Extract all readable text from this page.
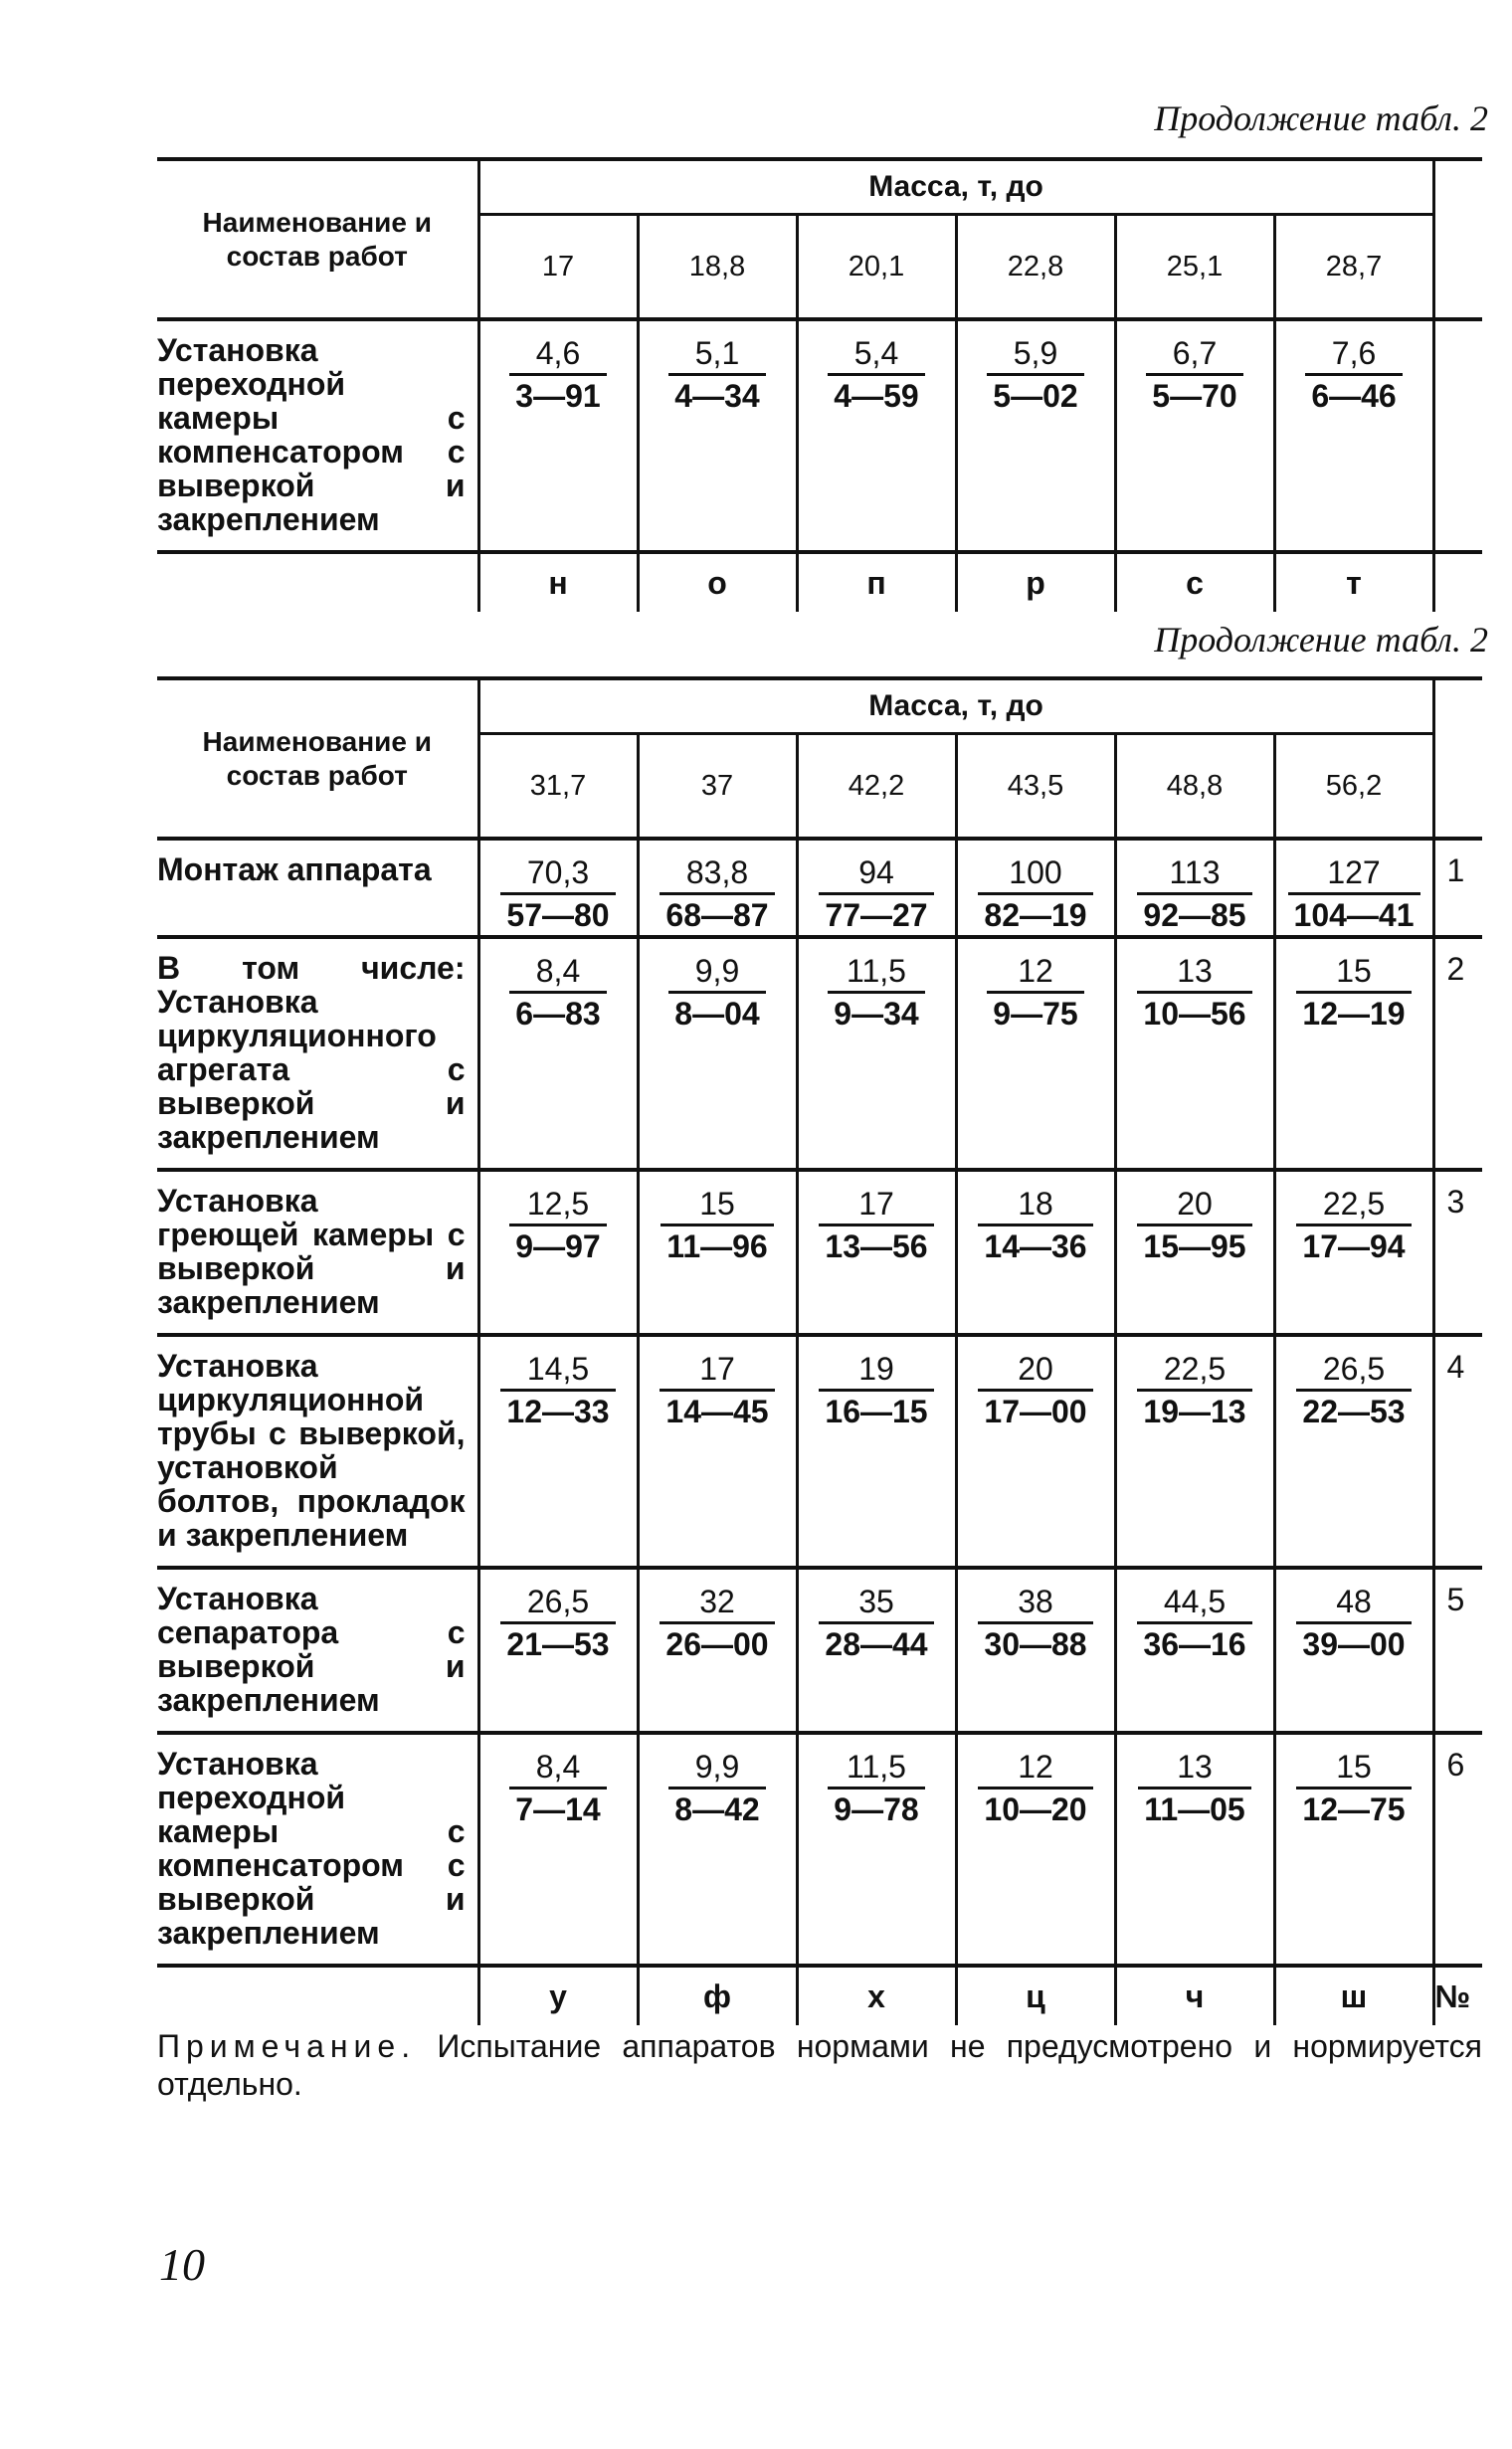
Продолжение табл. 2
Наименование и состав работ	Масса, т, до						
	17	18,8	20,1	22,8	25,1	28,7	
Установка переходной камеры с компенсатором с выверкой и закреплением	$\frac{4,6}{3—91}$	$\frac{5,1}{4—34}$	$\frac{5,4}{4—59}$	$\frac{5,9}{5—02}$	$\frac{6,7}{5—70}$	$\frac{7,6}{6—46}$

	н	о	п	р	с	т	
Продолжение табл. 2
Наименование и состав работ	Масса, т, до						
	31,7	37	42,2	43,5	48,8	56,2	
Монтаж аппарата	$\frac{70,3}{57—80}$	$\frac{83,8}{68—87}$	$\frac{94}{77—27}$	$\frac{100}{82—19}$	$\frac{113}{92—85}$	$\frac{127}{104—41}$	1
В том числе: Установка циркуляционного агрегата с выверкой и закреплением	$\frac{8,4}{6—83}$	$\frac{9,9}{8—04}$	$\frac{11,5}{9—34}$	$\frac{12}{9—75}$	$\frac{13}{10—56}$	$\frac{15}{12—19}$	2
Установка греющей камеры с выверкой и закреплением	$\frac{12,5}{9—97}$	$\frac{15}{11—96}$	$\frac{17}{13—56}$	$\frac{18}{14—36}$	$\frac{20}{15—95}$	$\frac{22,5}{17—94}$	3
Установка циркуляционной трубы с выверкой, установкой болтов, прокладок и закреплением	$\frac{14,5}{12—33}$	$\frac{17}{14—45}$	$\frac{19}{16—15}$	$\frac{20}{17—00}$	$\frac{22,5}{19—13}$	$\frac{26,5}{22—53}$	4
Установка сепаратора с выверкой и закреплением	$\frac{26,5}{21—53}$	$\frac{32}{26—00}$	$\frac{35}{28—44}$	$\frac{38}{30—88}$	$\frac{44,5}{36—16}$	$\frac{48}{39—00}$	5
Установка переходной камеры с компенсатором с выверкой и закреплением	$\frac{8,4}{7—14}$	$\frac{9,9}{8—42}$	$\frac{11,5}{9—78}$	$\frac{12}{10—20}$	$\frac{13}{11—05}$	$\frac{15}{12—75}$	6
	у	ф	х	ц	ч	ш	№
Примечание. Испытание аппаратов нормами не предусмотрено и нормируется отдельно.
10
